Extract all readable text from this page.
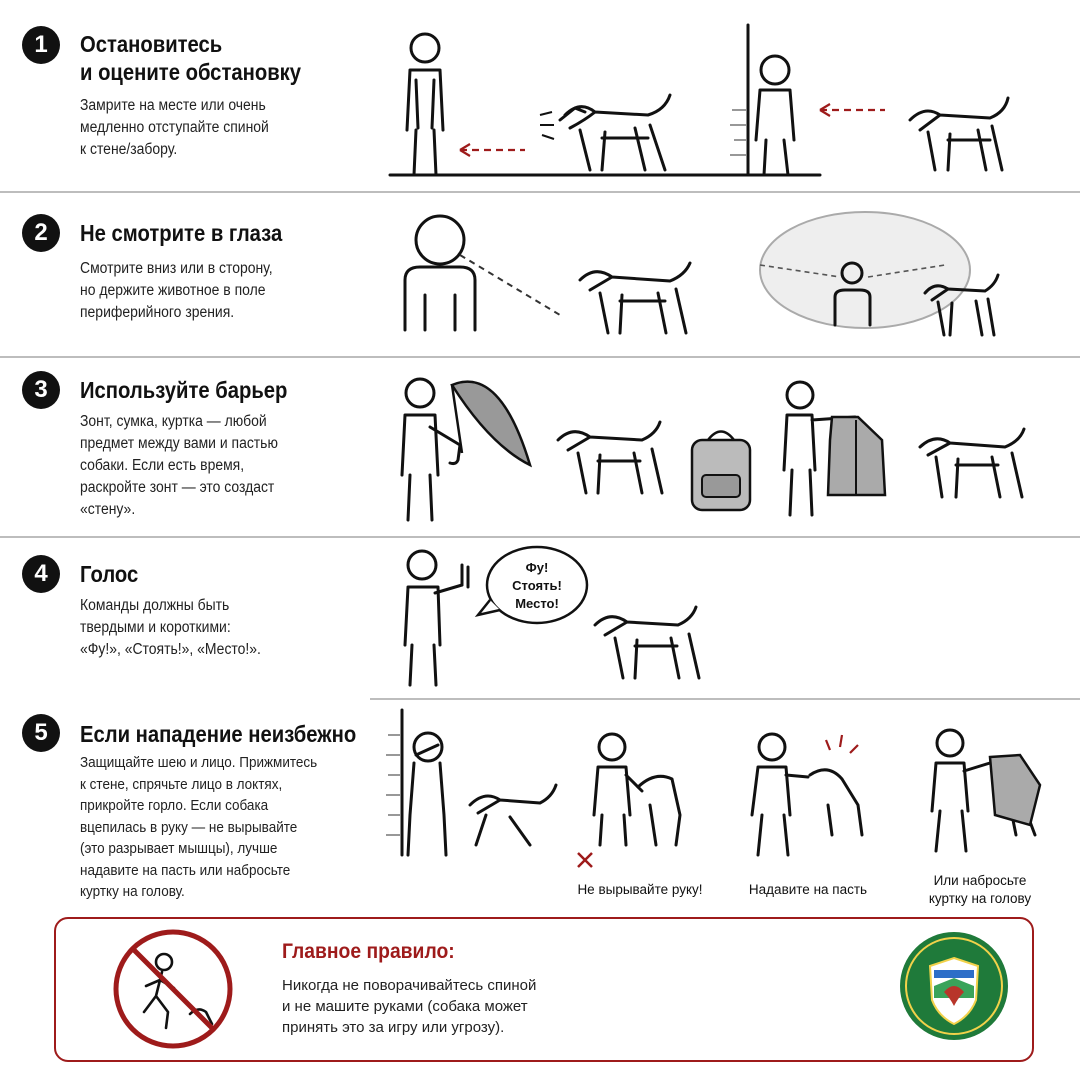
1	Остановитесь
и оцените обстановку
Замрите на месте или очень
медленно отступайте спиной
к стене/забору.
2	Не смотрите в глаза
Смотрите вниз или в сторону,
но держите животное в поле
периферийного зрения.
3	Используйте барьер
Зонт, сумка, куртка — любой
предмет между вами и пастью
собаки. Если есть время,
раскройте зонт — это создаст
«стену».
4	Голос
Команды должны быть
твердыми и короткими:
«Фу!», «Стоять!», «Место!».
Фу!
Стоять!
Место!
5	Если нападение неизбежно
Защищайте шею и лицо. Прижмитесь
к стене, спрячьте лицо в локтях,
прикройте горло. Если собака
вцепилась в руку — не вырывайте
(это разрывает мышцы), лучше
надавите на пасть или набросьте
куртку на голову.	Не вырывайте руку!	Надавите на пасть
Или набросьте
куртку на голову
Главное правило:
Никогда не поворачивайтесь спиной
и не машите руками (собака может
принять это за игру или угрозу).
